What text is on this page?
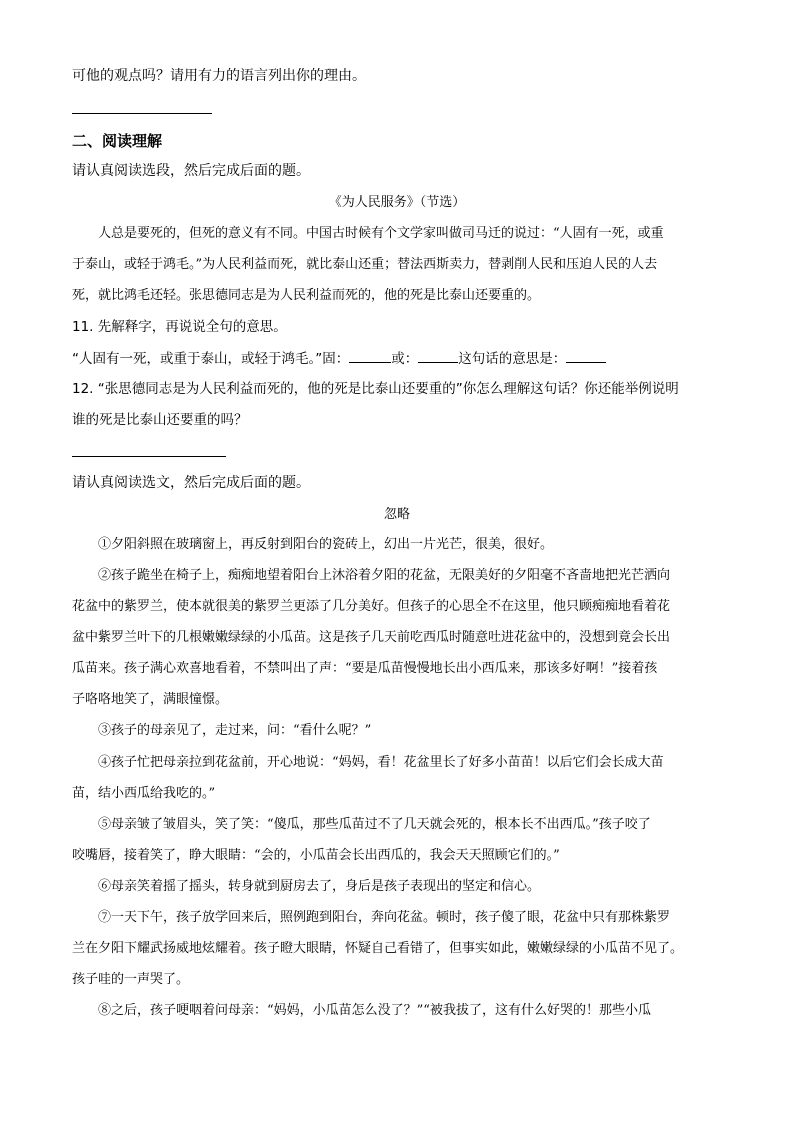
可他的观点吗？请用有力的语言列出你的理由。
二、阅读理解
请认真阅读选段，然后完成后面的题。
《为人民服务》（节选）
人总是要死的，但死的意义有不同。中国古时候有个文学家叫做司马迁的说过：“人固有一死，或重
于泰山，或轻于鸿毛。”为人民利益而死，就比泰山还重；替法西斯卖力，替剥削人民和压迫人民的人去
死，就比鸿毛还轻。张思德同志是为人民利益而死的，他的死是比泰山还要重的。
11. 先解释字，再说说全句的意思。
“人固有一死，或重于泰山，或轻于鸿毛。”固：	或：	这句话的意思是：
12. “张思德同志是为人民利益而死的，他的死是比泰山还要重的”你怎么理解这句话？你还能举例说明
谁的死是比泰山还要重的吗？
请认真阅读选文，然后完成后面的题。
忽略
①夕阳斜照在玻璃窗上，再反射到阳台的瓷砖上，幻出一片光芒，很美，很好。
②孩子跪坐在椅子上，痴痴地望着阳台上沐浴着夕阳的花盆，无限美好的夕阳毫不吝啬地把光芒洒向
花盆中的紫罗兰，使本就很美的紫罗兰更添了几分美好。但孩子的心思全不在这里，他只顾痴痴地看着花
盆中紫罗兰叶下的几根嫩嫩绿绿的小瓜苗。这是孩子几天前吃西瓜时随意吐进花盆中的，没想到竟会长出
瓜苗来。孩子满心欢喜地看着，不禁叫出了声：“要是瓜苗慢慢地长出小西瓜来，那该多好啊！”接着孩
子咯咯地笑了，满眼憧憬。
③孩子的母亲见了，走过来，问：“看什么呢？”
④孩子忙把母亲拉到花盆前，开心地说：“妈妈，看！花盆里长了好多小苗苗！以后它们会长成大苗
苗，结小西瓜给我吃的。”
⑤母亲皱了皱眉头，笑了笑：“傻瓜，那些瓜苗过不了几天就会死的，根本长不出西瓜。”孩子咬了
咬嘴唇，接着笑了，睁大眼睛：“会的，小瓜苗会长出西瓜的，我会天天照顾它们的。”
⑥母亲笑着摇了摇头，转身就到厨房去了，身后是孩子表现出的坚定和信心。
⑦一天下午，孩子放学回来后，照例跑到阳台，奔向花盆。顿时，孩子傻了眼，花盆中只有那株紫罗
兰在夕阳下耀武扬威地炫耀着。孩子瞪大眼睛，怀疑自己看错了，但事实如此，嫩嫩绿绿的小瓜苗不见了。
孩子哇的一声哭了。
⑧之后，孩子哽咽着问母亲：“妈妈，小瓜苗怎么没了？”“被我拔了，这有什么好哭的！那些小瓜
